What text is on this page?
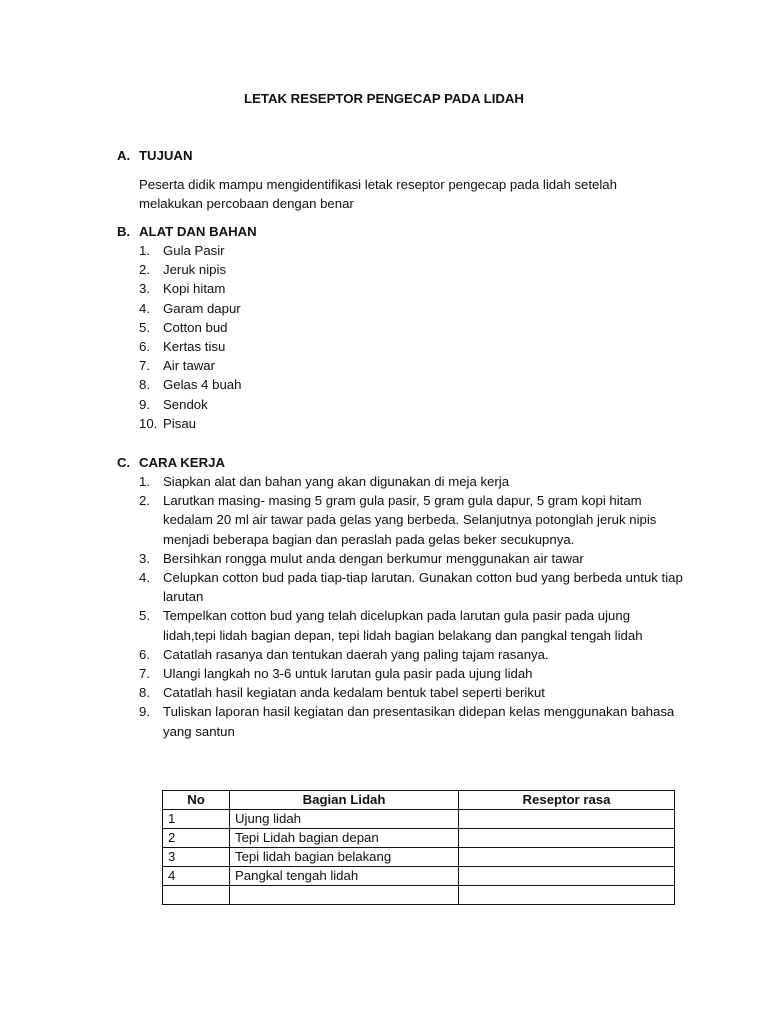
LETAK RESEPTOR PENGECAP PADA LIDAH
A. TUJUAN
Peserta didik mampu mengidentifikasi letak reseptor pengecap pada lidah setelah melakukan percobaan dengan benar
B. ALAT DAN BAHAN
1. Gula Pasir
2. Jeruk nipis
3. Kopi hitam
4. Garam dapur
5. Cotton bud
6. Kertas tisu
7. Air tawar
8. Gelas 4 buah
9. Sendok
10. Pisau
C. CARA KERJA
1. Siapkan alat dan bahan yang akan digunakan di meja kerja
2. Larutkan masing- masing 5 gram gula pasir, 5 gram gula dapur, 5 gram kopi hitam kedalam 20 ml air tawar pada gelas yang berbeda. Selanjutnya potonglah jeruk nipis menjadi beberapa bagian dan peraslah pada gelas beker secukupnya.
3. Bersihkan rongga mulut anda dengan berkumur menggunakan air tawar
4. Celupkan cotton bud pada tiap-tiap larutan. Gunakan cotton bud yang berbeda untuk tiap larutan
5. Tempelkan cotton bud yang telah dicelupkan pada larutan gula pasir pada ujung lidah,tepi lidah bagian depan, tepi lidah bagian belakang dan pangkal tengah lidah
6. Catatlah rasanya dan tentukan daerah yang paling tajam rasanya.
7. Ulangi langkah no 3-6 untuk larutan gula pasir pada ujung lidah
8. Catatlah hasil kegiatan anda kedalam bentuk tabel seperti berikut
9. Tuliskan laporan hasil kegiatan dan presentasikan didepan kelas menggunakan bahasa yang santun
No	Bagian Lidah	Reseptor rasa
1	Ujung lidah	
2	Tepi Lidah bagian depan	
3	Tepi lidah bagian belakang	
4	Pangkal tengah lidah	
